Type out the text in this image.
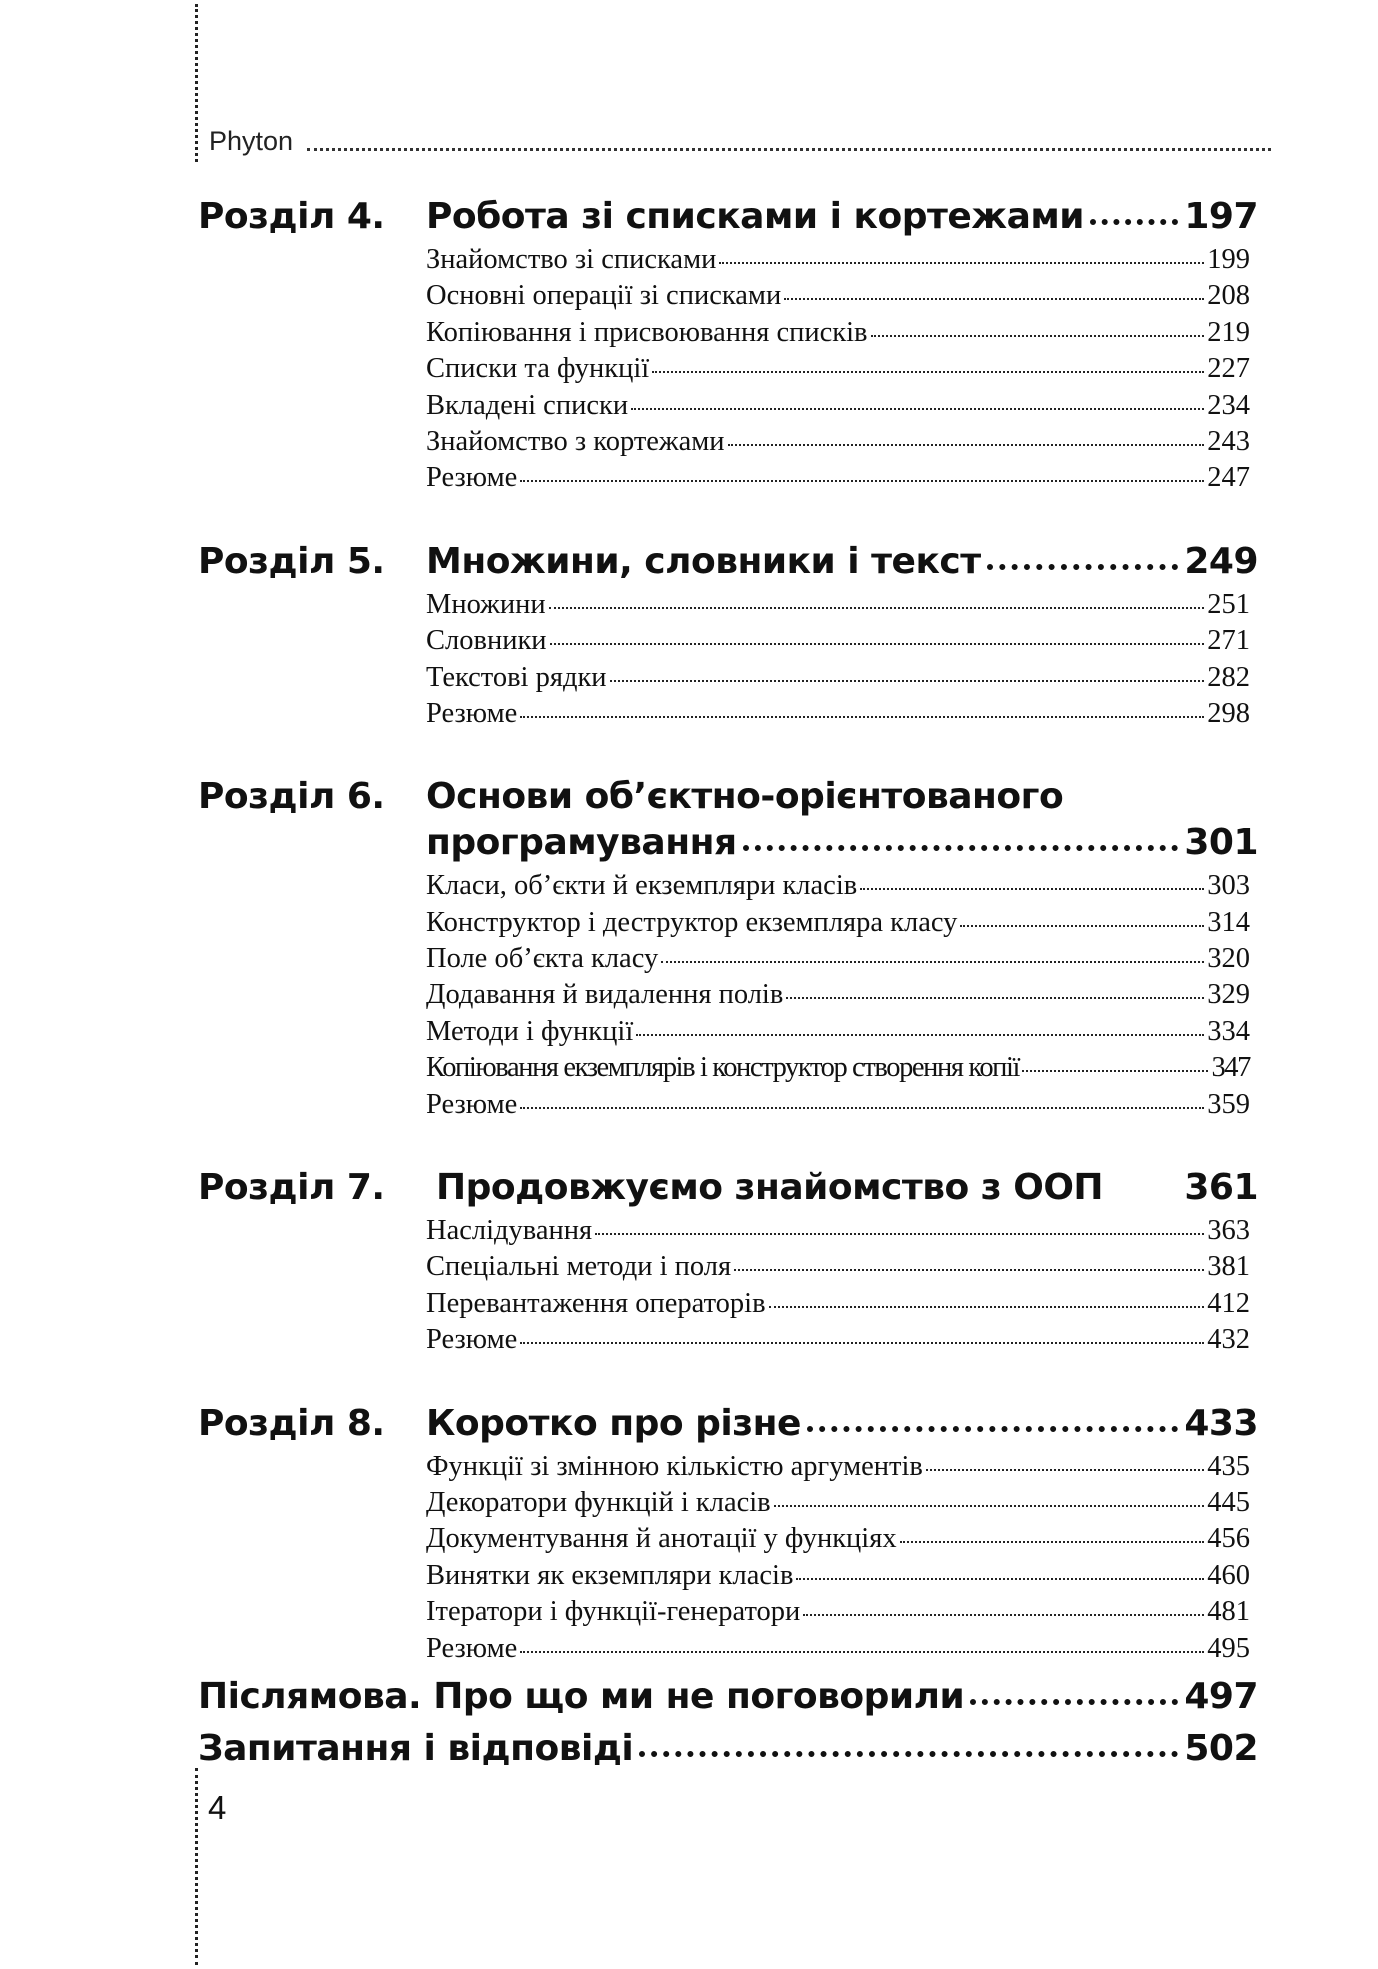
Phyton
Розділ 4.	Робота зі списками і кортежами	197
Знайомство зі списками	199
Основні операції зі списками	208
Копіювання і присвоювання списків	219
Списки та функції	227
Вкладені списки	234
Знайомство з кортежами	243
Резюме	247
Розділ 5.	Множини, словники і текст	249
Множини	251
Словники	271
Текстові рядки	282
Резюме	298
Розділ 6.	Основи об’єктно-орієнтованого
програмування	301
Класи, об’єкти й екземпляри класів	303
Конструктор і деструктор екземпляра класу	314
Поле об’єкта класу	320
Додавання й видалення полів	329
Методи і функції	334
Копіювання екземплярів і конструктор створення копії	347
Резюме	359
Розділ 7.	Продовжуємо знайомство з ООП 361
Наслідування	363
Спеціальні методи і поля	381
Перевантаження операторів	412
Резюме	432
Розділ 8.	Коротко про різне	433
Функції зі змінною кількістю аргументів	435
Декоратори функцій і класів	445
Документування й анотації у функціях	456
Винятки як екземпляри класів	460
Ітератори і функції-генератори	481
Резюме	495
Післямова. Про що ми не поговорили	497
Запитання і відповіді	502
4
